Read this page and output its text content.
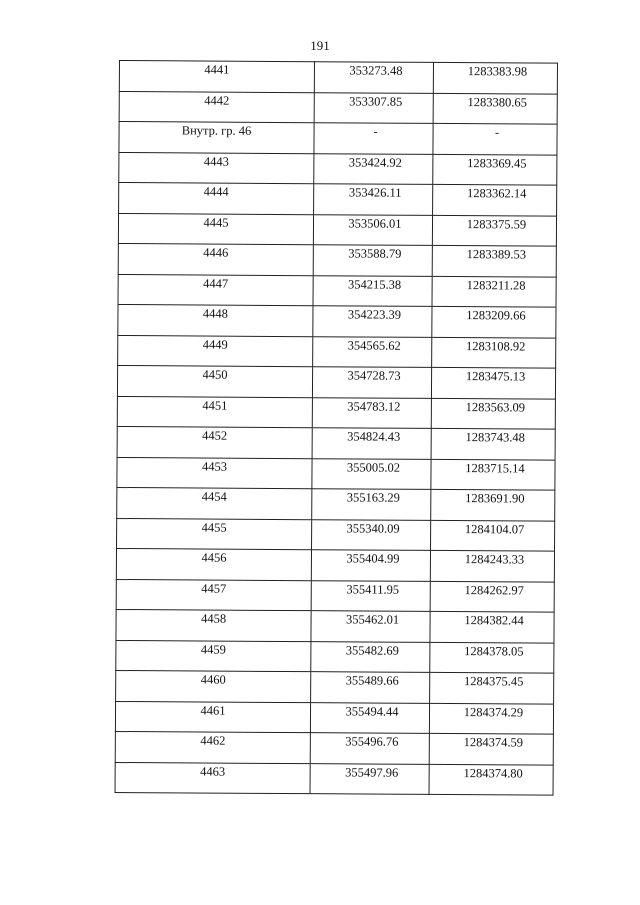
191
4441	353273.48	1283383.98
4442	353307.85	1283380.65
Внутр. гр. 46	-	-
4443	353424.92	1283369.45
4444	353426.11	1283362.14
4445	353506.01	1283375.59
4446	353588.79	1283389.53
4447	354215.38	1283211.28
4448	354223.39	1283209.66
4449	354565.62	1283108.92
4450	354728.73	1283475.13
4451	354783.12	1283563.09
4452	354824.43	1283743.48
4453	355005.02	1283715.14
4454	355163.29	1283691.90
4455	355340.09	1284104.07
4456	355404.99	1284243.33
4457	355411.95	1284262.97
4458	355462.01	1284382.44
4459	355482.69	1284378.05
4460	355489.66	1284375.45
4461	355494.44	1284374.29
4462	355496.76	1284374.59
4463	355497.96	1284374.80
